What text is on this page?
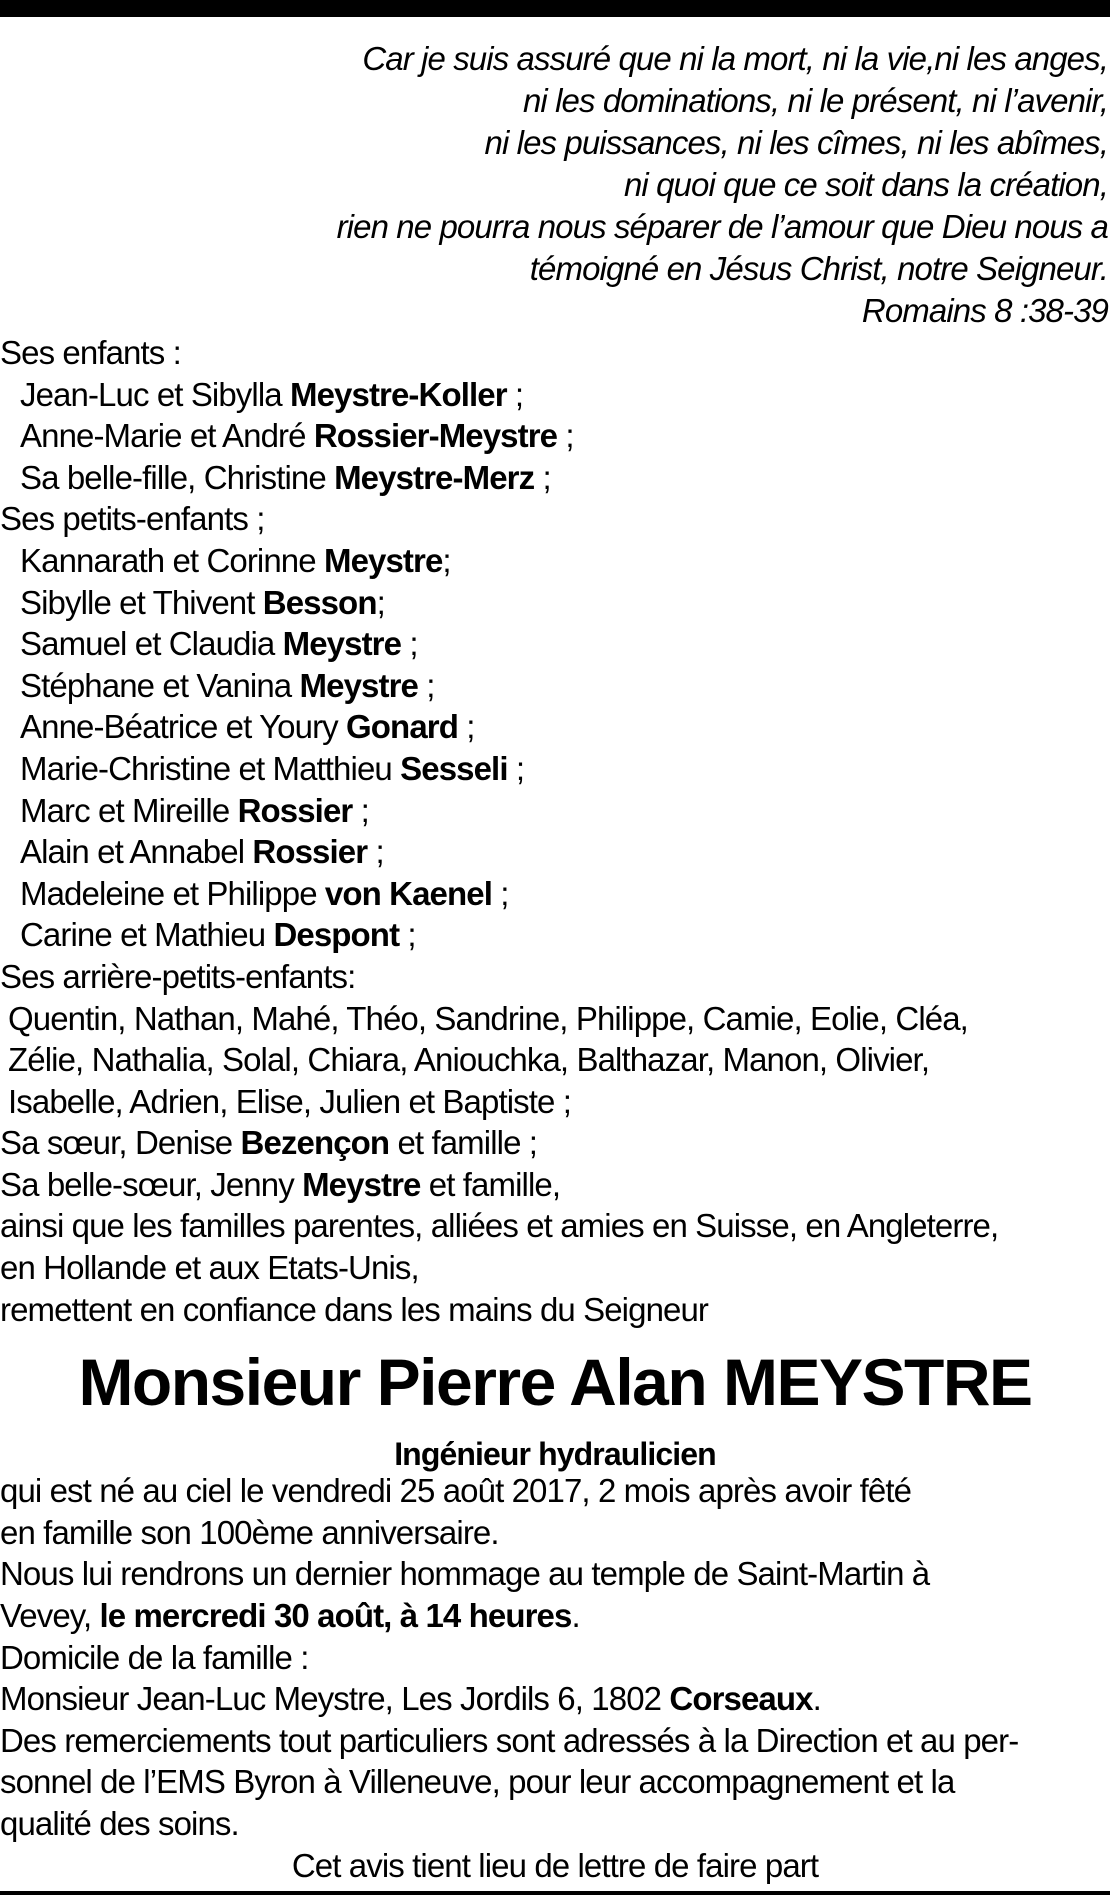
Car je suis assuré que ni la mort, ni la vie,ni les anges,
ni les dominations, ni le présent, ni l’avenir,
ni les puissances, ni les cîmes, ni les abîmes,
ni quoi que ce soit dans la création,
rien ne pourra nous séparer de l’amour que Dieu nous a
témoigné en Jésus Christ, notre Seigneur.
Romains 8 :38-39
Ses enfants :
Jean-Luc et Sibylla Meystre-Koller ;
Anne-Marie et André Rossier-Meystre ;
Sa belle-fille, Christine Meystre-Merz ;
Ses petits-enfants ;
Kannarath et Corinne Meystre;
Sibylle et Thivent Besson;
Samuel et Claudia Meystre ;
Stéphane et Vanina Meystre ;
Anne-Béatrice et Youry Gonard ;
Marie-Christine et Matthieu Sesseli ;
Marc et Mireille Rossier ;
Alain et Annabel Rossier ;
Madeleine et Philippe von Kaenel ;
Carine et Mathieu Despont ;
Ses arrière-petits-enfants:
Quentin, Nathan, Mahé, Théo, Sandrine, Philippe, Camie, Eolie, Cléa,
Zélie, Nathalia, Solal, Chiara, Aniouchka, Balthazar, Manon, Olivier,
Isabelle, Adrien, Elise, Julien et Baptiste ;
Sa sœur, Denise Bezençon et famille ;
Sa belle-sœur, Jenny Meystre et famille,
ainsi que les familles parentes, alliées et amies en Suisse, en Angleterre,
en Hollande et aux Etats-Unis,
remettent en confiance dans les mains du Seigneur
Monsieur Pierre Alan MEYSTRE
Ingénieur hydraulicien
qui est né au ciel le vendredi 25 août 2017, 2 mois après avoir fêté
en famille son 100ème anniversaire.
Nous lui rendrons un dernier hommage au temple de Saint-Martin à
Vevey, le mercredi 30 août, à 14 heures.
Domicile de la famille :
Monsieur Jean-Luc Meystre, Les Jordils 6, 1802 Corseaux.
Des remerciements tout particuliers sont adressés à la Direction et au per-
sonnel de l’EMS Byron à Villeneuve, pour leur accompagnement et la
qualité des soins.
Cet avis tient lieu de lettre de faire part
